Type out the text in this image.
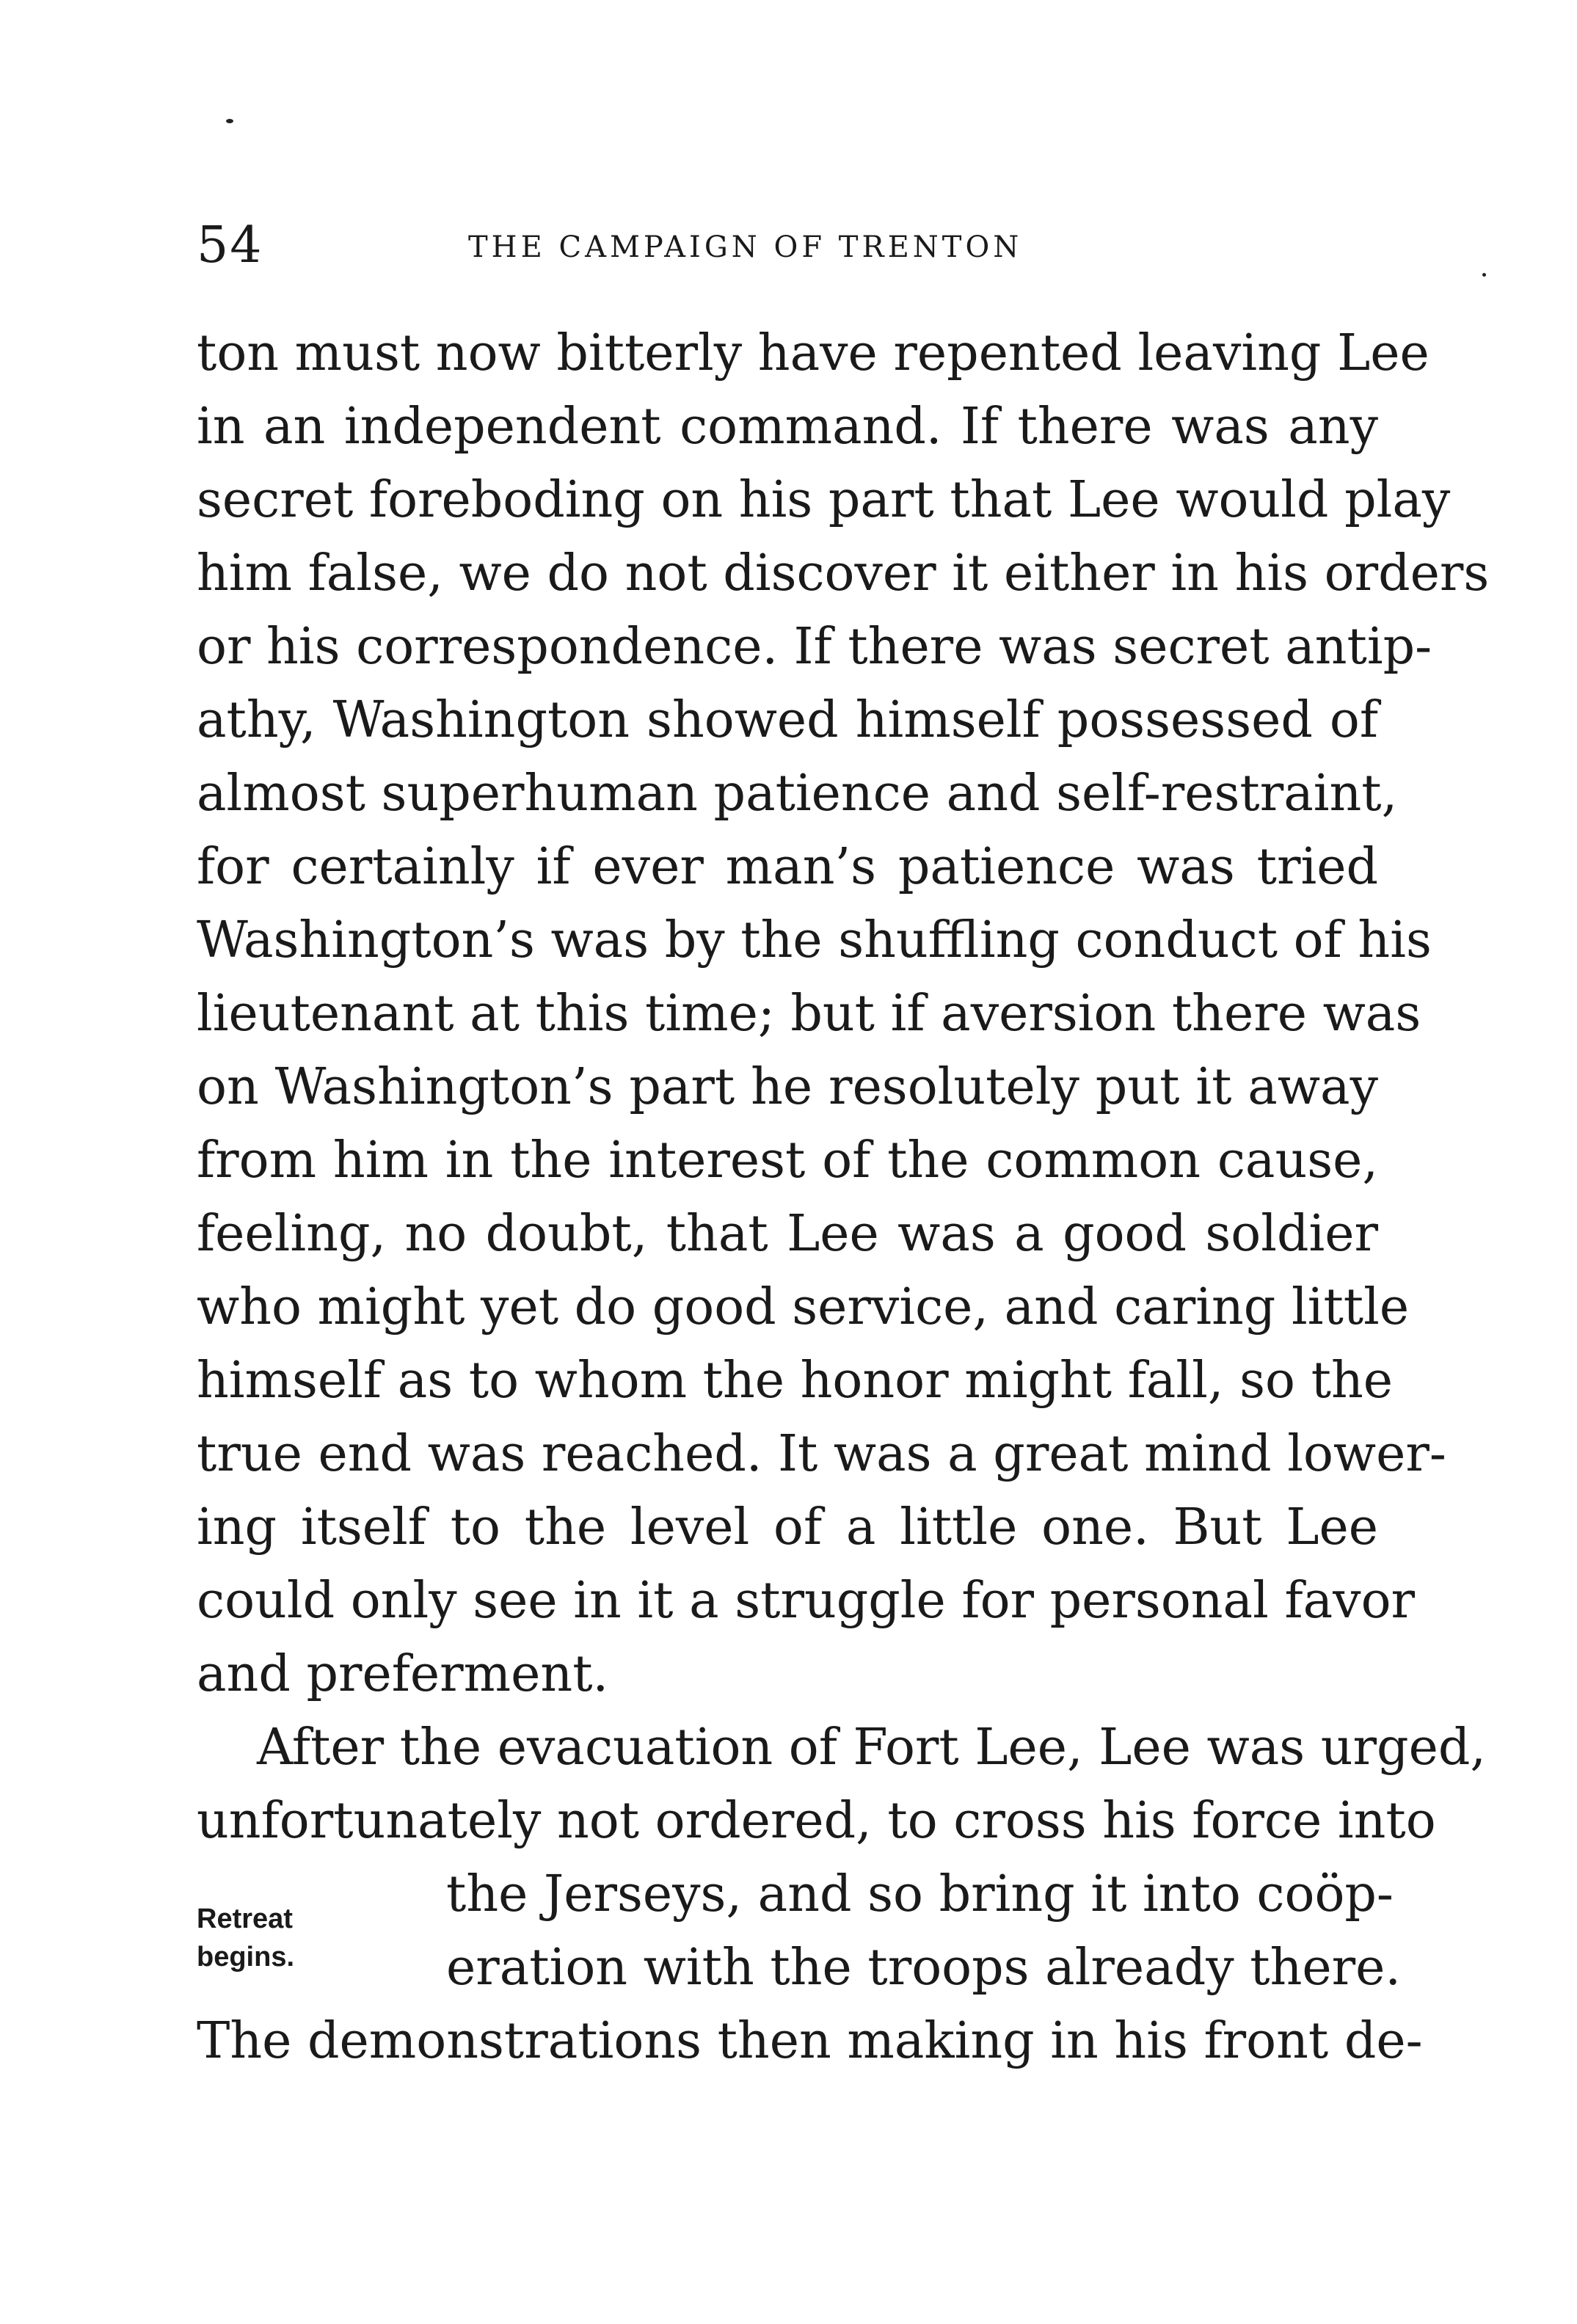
54	THE CAMPAIGN OF TRENTON
ton must now bitterly have repented leaving Lee
in an independent command. If there was any
secret foreboding on his part that Lee would play
him false, we do not discover it either in his orders
or his correspondence. If there was secret antip-
athy, Washington showed himself possessed of
almost superhuman patience and self-restraint,
for certainly if ever man’s patience was tried
Washington’s was by the shuffling conduct of his
lieutenant at this time; but if aversion there was
on Washington’s part he resolutely put it away
from him in the interest of the common cause,
feeling, no doubt, that Lee was a good soldier
who might yet do good service, and caring little
himself as to whom the honor might fall, so the
true end was reached. It was a great mind lower-
ing itself to the level of a little one. But Lee
could only see in it a struggle for personal favor
and preferment.
After the evacuation of Fort Lee, Lee was urged,
unfortunately not ordered, to cross his force into
the Jerseys, and so bring it into coöp-
eration with the troops already there.
The demonstrations then making in his front de-
Retreat
begins.
